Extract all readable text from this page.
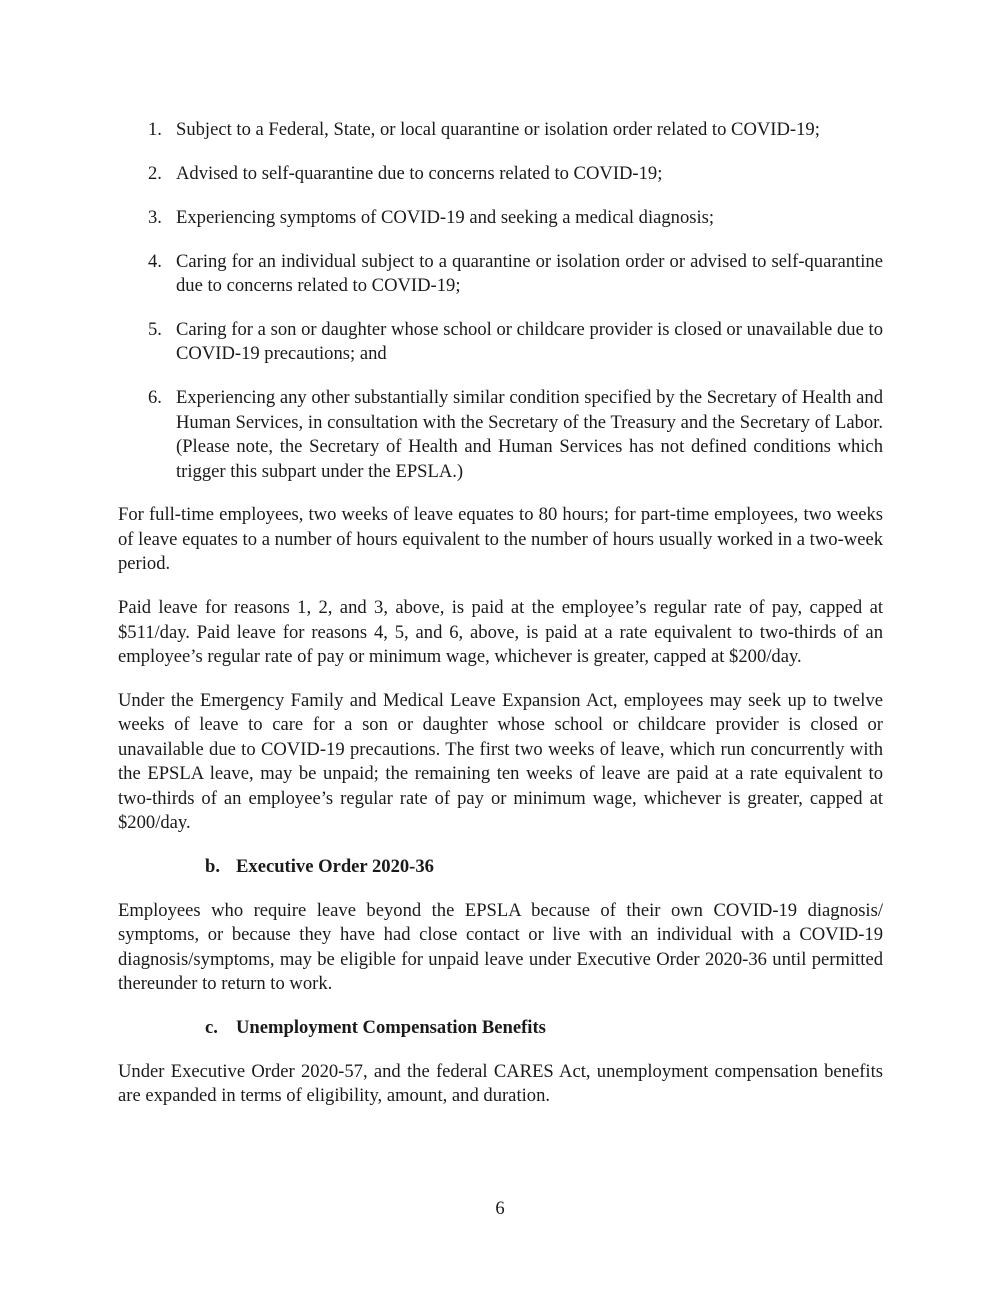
1. Subject to a Federal, State, or local quarantine or isolation order related to COVID-19;
2. Advised to self-quarantine due to concerns related to COVID-19;
3. Experiencing symptoms of COVID-19 and seeking a medical diagnosis;
4. Caring for an individual subject to a quarantine or isolation order or advised to self-quarantine due to concerns related to COVID-19;
5. Caring for a son or daughter whose school or childcare provider is closed or unavailable due to COVID-19 precautions; and
6. Experiencing any other substantially similar condition specified by the Secretary of Health and Human Services, in consultation with the Secretary of the Treasury and the Secretary of Labor. (Please note, the Secretary of Health and Human Services has not defined conditions which trigger this subpart under the EPSLA.)

For full-time employees, two weeks of leave equates to 80 hours; for part-time employees, two weeks of leave equates to a number of hours equivalent to the number of hours usually worked in a two-week period.

Paid leave for reasons 1, 2, and 3, above, is paid at the employee’s regular rate of pay, capped at $511/day. Paid leave for reasons 4, 5, and 6, above, is paid at a rate equivalent to two-thirds of an employee’s regular rate of pay or minimum wage, whichever is greater, capped at $200/day.

Under the Emergency Family and Medical Leave Expansion Act, employees may seek up to twelve weeks of leave to care for a son or daughter whose school or childcare provider is closed or unavailable due to COVID-19 precautions. The first two weeks of leave, which run concurrently with the EPSLA leave, may be unpaid; the remaining ten weeks of leave are paid at a rate equivalent to two-thirds of an employee’s regular rate of pay or minimum wage, whichever is greater, capped at $200/day.

b. Executive Order 2020-36

Employees who require leave beyond the EPSLA because of their own COVID-19 diagnosis/ symptoms, or because they have had close contact or live with an individual with a COVID-19 diagnosis/symptoms, may be eligible for unpaid leave under Executive Order 2020-36 until permitted thereunder to return to work.

c. Unemployment Compensation Benefits

Under Executive Order 2020-57, and the federal CARES Act, unemployment compensation benefits are expanded in terms of eligibility, amount, and duration.

6
